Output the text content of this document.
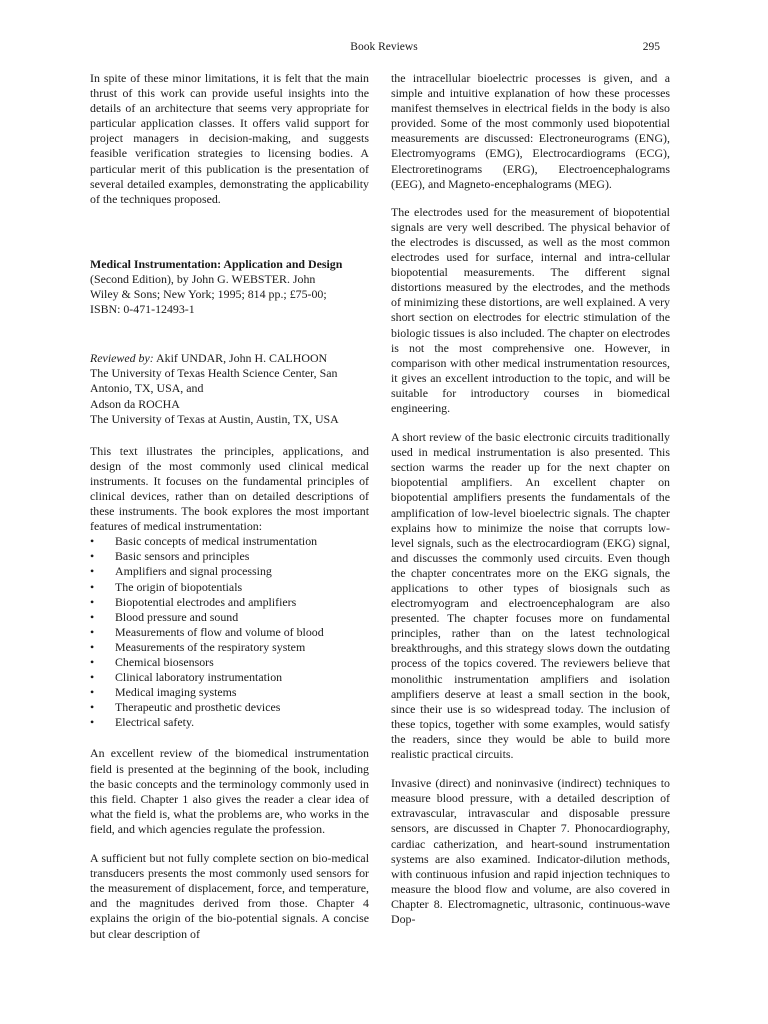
Book Reviews	295

In spite of these minor limitations, it is felt that the main thrust of this work can provide useful insights into the details of an architecture that seems very appropriate for particular application classes. It offers valid support for project managers in decision-making, and suggests feasible verification strategies to licensing bodies. A particular merit of this publication is the presentation of several detailed examples, demonstrating the applicability of the techniques proposed.

Medical Instrumentation: Application and Design
(Second Edition), by John G. WEBSTER. John
Wiley & Sons; New York; 1995; 814 pp.; £75-00;
ISBN: 0-471-12493-1
Reviewed by: Akif UNDAR, John H. CALHOON
The University of Texas Health Science Center, San
Antonio, TX, USA, and
Adson da ROCHA
The University of Texas at Austin, Austin, TX, USA

This text illustrates the principles, applications, and design of the most commonly used clinical medical instruments. It focuses on the fundamental principles of clinical devices, rather than on detailed descriptions of these instruments. The book explores the most important features of medical instrumentation:

• Basic concepts of medical instrumentation
• Basic sensors and principles
• Amplifiers and signal processing
• The origin of biopotentials
• Biopotential electrodes and amplifiers
• Blood pressure and sound
• Measurements of flow and volume of blood
• Measurements of the respiratory system
• Chemical biosensors
• Clinical laboratory instrumentation
• Medical imaging systems
• Therapeutic and prosthetic devices
• Electrical safety.

An excellent review of the biomedical instrumentation field is presented at the beginning of the book, including the basic concepts and the terminology commonly used in this field. Chapter 1 also gives the reader a clear idea of what the field is, what the problems are, who works in the field, and which agencies regulate the profession.

A sufficient but not fully complete section on bio-medical transducers presents the most commonly used sensors for the measurement of displacement, force, and temperature, and the magnitudes derived from those. Chapter 4 explains the origin of the bio-potential signals. A concise but clear description of

the intracellular bioelectric processes is given, and a simple and intuitive explanation of how these processes manifest themselves in electrical fields in the body is also provided. Some of the most commonly used biopotential measurements are discussed: Electroneurograms (ENG), Electromyograms (EMG), Electrocardiograms (ECG), Electroretinograms (ERG), Electroencephalograms (EEG), and Magneto-encephalograms (MEG).

The electrodes used for the measurement of biopotential signals are very well described. The physical behavior of the electrodes is discussed, as well as the most common electrodes used for surface, internal and intra-cellular biopotential measurements. The different signal distortions measured by the electrodes, and the methods of minimizing these distortions, are well explained. A very short section on electrodes for electric stimulation of the biologic tissues is also included. The chapter on electrodes is not the most comprehensive one. However, in comparison with other medical instrumentation resources, it gives an excellent introduction to the topic, and will be suitable for introductory courses in biomedical engineering.

A short review of the basic electronic circuits traditionally used in medical instrumentation is also presented. This section warms the reader up for the next chapter on biopotential amplifiers. An excellent chapter on biopotential amplifiers presents the fundamentals of the amplification of low-level bioelectric signals. The chapter explains how to minimize the noise that corrupts low-level signals, such as the electrocardiogram (EKG) signal, and discusses the commonly used circuits. Even though the chapter concentrates more on the EKG signals, the applications to other types of biosignals such as electromyogram and electroencephalogram are also presented. The chapter focuses more on fundamental principles, rather than on the latest technological breakthroughs, and this strategy slows down the outdating process of the topics covered. The reviewers believe that monolithic instrumentation amplifiers and isolation amplifiers deserve at least a small section in the book, since their use is so widespread today. The inclusion of these topics, together with some examples, would satisfy the readers, since they would be able to build more realistic practical circuits.

Invasive (direct) and noninvasive (indirect) techniques to measure blood pressure, with a detailed description of extravascular, intravascular and disposable pressure sensors, are discussed in Chapter 7. Phonocardiography, cardiac catherization, and heart-sound instrumentation systems are also examined. Indicator-dilution methods, with continuous infusion and rapid injection techniques to measure the blood flow and volume, are also covered in Chapter 8. Electromagnetic, ultrasonic, continuous-wave Dop-
